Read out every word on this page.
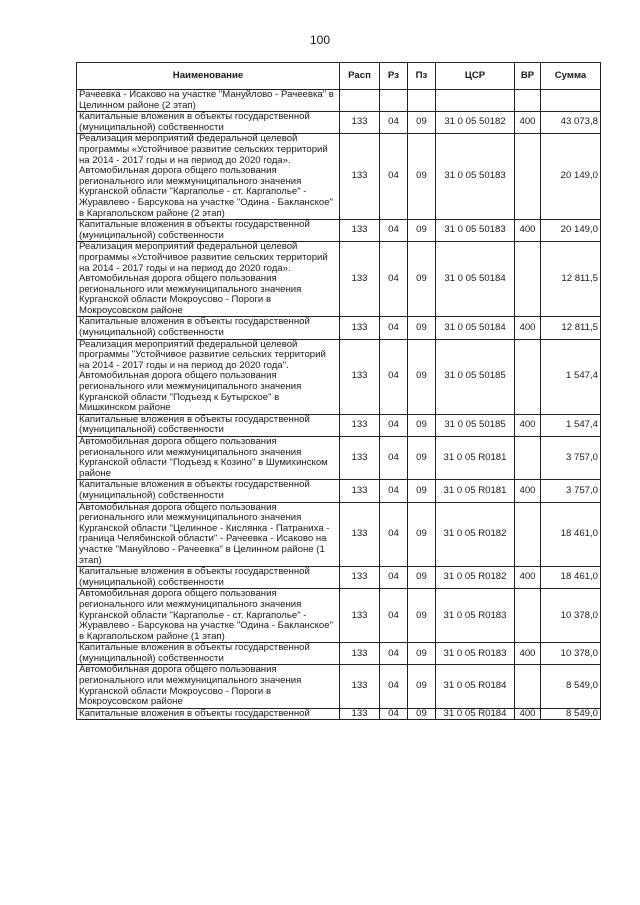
100
Наименование	Расп	Рз	Пз	ЦСР	ВР	Сумма
Рачеевка - Исаково на участке "Мануйлово - Рачеевка" в Целинном районе (2 этап)						
Капитальные вложения в объекты государственной (муниципальной) собственности	133	04	09	31 0 05 50182	400	43 073,8
Реализация мероприятий федеральной целевой программы «Устойчивое развитие сельских территорий на 2014 - 2017 годы и на период до 2020 года». Автомобильная дорога общего пользования регионального или межмуниципального значения Курганской области "Каргаполье - ст. Каргаполье" - Журавлево - Барсукова на участке "Одина - Бакланское" в Каргапольском районе (2 этап)	133	04	09	31 0 05 50183		20 149,0
Капитальные вложения в объекты государственной (муниципальной) собственности	133	04	09	31 0 05 50183	400	20 149,0
Реализация мероприятий федеральной целевой программы «Устойчивое развитие сельских территорий на 2014 - 2017 годы и на период до 2020 года». Автомобильная дорога общего пользования регионального или межмуниципального значения Курганской области Мокроусово - Пороги в Мокроусовском районе	133	04	09	31 0 05 50184		12 811,5
Капитальные вложения в объекты государственной (муниципальной) собственности	133	04	09	31 0 05 50184	400	12 811,5
Реализация мероприятий федеральной целевой программы "Устойчивое развитие сельских территорий на 2014 - 2017 годы и на период до 2020 года". Автомобильная дорога общего пользования регионального или межмуниципального значения Курганской области "Подъезд к Бутырское" в Мишкинском районе	133	04	09	31 0 05 50185		1 547,4
Капитальные вложения в объекты государственной (муниципальной) собственности	133	04	09	31 0 05 50185	400	1 547,4
Автомобильная дорога общего пользования регионального или межмуниципального значения Курганской области "Подъезд к Козино" в Шумихинском районе	133	04	09	31 0 05 R0181		3 757,0
Капитальные вложения в объекты государственной (муниципальной) собственности	133	04	09	31 0 05 R0181	400	3 757,0
Автомобильная дорога общего пользования регионального или межмуниципального значения Курганской области "Целинное - Кислянка - Патраниха - граница Челябинской области" - Рачеевка - Исаково на участке "Мануйлово - Рачеевка" в Целинном районе (1 этап)	133	04	09	31 0 05 R0182		18 461,0
Капитальные вложения в объекты государственной (муниципальной) собственности	133	04	09	31 0 05 R0182	400	18 461,0
Автомобильная дорога общего пользования регионального или межмуниципального значения Курганской области "Каргаполье - ст. Каргаполье" - Журавлево - Барсукова на участке "Одина - Бакланское" в Каргапольском районе (1 этап)	133	04	09	31 0 05 R0183		10 378,0
Капитальные вложения в объекты государственной (муниципальной) собственности	133	04	09	31 0 05 R0183	400	10 378,0
Автомобильная дорога общего пользования регионального или межмуниципального значения Курганской области Мокроусово - Пороги в Мокроусовском районе	133	04	09	31 0 05 R0184		8 549,0
Капитальные вложения в объекты государственной	133	04	09	31 0 05 R0184	400	8 549,0
